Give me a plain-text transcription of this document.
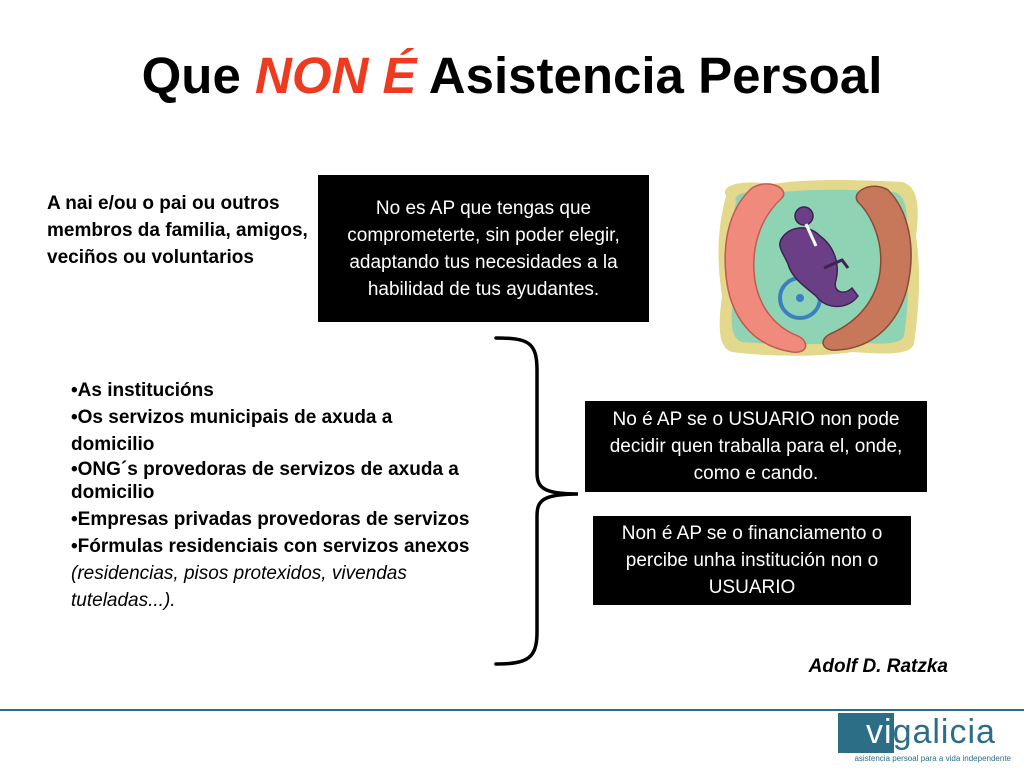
Que NON É Asistencia Persoal
A nai e/ou o pai ou outros membros da familia, amigos, veciños ou voluntarios
No es AP que tengas que comprometerte, sin poder elegir, adaptando tus necesidades a la habilidad de tus ayudantes.
•As institucións
•Os servizos municipais de axuda a domicilio
•ONG´s provedoras de servizos de axuda a domicilio
•Empresas privadas provedoras de servizos
•Fórmulas residenciais con servizos anexos (residencias, pisos protexidos, vivendas tuteladas...).
No é AP se o USUARIO non pode decidir quen traballa para el, onde, como e cando.
Non é AP se o financiamento o percibe unha institución non o USUARIO
Adolf D. Ratzka
vigalicia
asistencia persoal para a vida independente
